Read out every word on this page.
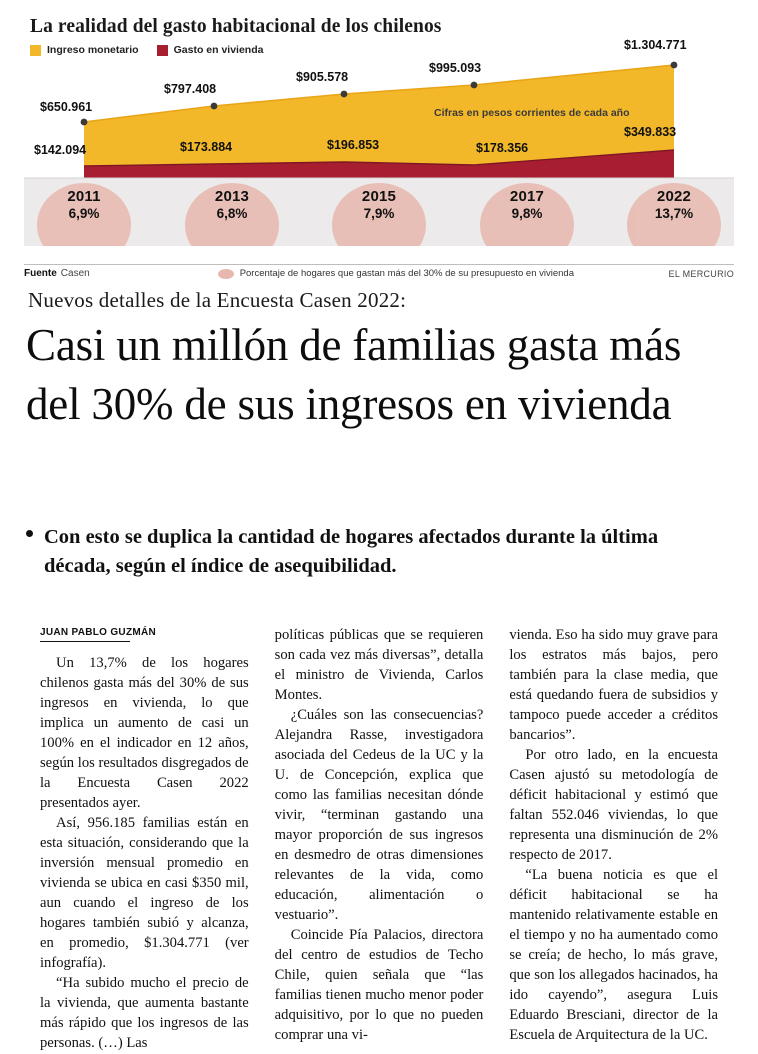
La realidad del gasto habitacional de los chilenos
Ingreso monetario	Gasto en vivienda
$650.961
$797.408
$905.578
$995.093
$1.304.771
$142.094	$173.884	$196.853	$178.356
$349.833
Cifras en pesos corrientes de cada año
2011
6,9%
2013
6,8%
2015
7,9%
2017
9,8%
2022
13,7%
Fuente Casen	Porcentaje de hogares que gastan más del 30% de su presupuesto en vivienda	EL MERCURIO
Nuevos detalles de la Encuesta Casen 2022:
Casi un millón de familias gasta más del 30% de sus ingresos en vivienda
Con esto se duplica la cantidad de hogares afectados durante la última década, según el índice de asequibilidad.
JUAN PABLO GUZMÁN

Un 13,7% de los hogares chilenos gasta más del 30% de sus ingresos en vivienda, lo que implica un aumento de casi un 100% en el indicador en 12 años, según los resultados disgregados de la Encuesta Casen 2022 presentados ayer.

Así, 956.185 familias están en esta situación, considerando que la inversión mensual promedio en vivienda se ubica en casi $350 mil, aun cuando el ingreso de los hogares también subió y alcanza, en promedio, $1.304.771 (ver infografía).

“Ha subido mucho el precio de la vivienda, que aumenta bastante más rápido que los ingresos de las personas. (…) Las

políticas públicas que se requieren son cada vez más diversas”, detalla el ministro de Vivienda, Carlos Montes.

¿Cuáles son las consecuencias? Alejandra Rasse, investigadora asociada del Cedeus de la UC y la U. de Concepción, explica que como las familias necesitan dónde vivir, “terminan gastando una mayor proporción de sus ingresos en desmedro de otras dimensiones relevantes de la vida, como educación, alimentación o vestuario”.

Coincide Pía Palacios, directora del centro de estudios de Techo Chile, quien señala que “las familias tienen mucho menor poder adquisitivo, por lo que no pueden comprar una vi-

vienda. Eso ha sido muy grave para los estratos más bajos, pero también para la clase media, que está quedando fuera de subsidios y tampoco puede acceder a créditos bancarios”.

Por otro lado, en la encuesta Casen ajustó su metodología de déficit habitacional y estimó que faltan 552.046 viviendas, lo que representa una disminución de 2% respecto de 2017.

“La buena noticia es que el déficit habitacional se ha mantenido relativamente estable en el tiempo y no ha aumentado como se creía; de hecho, lo más grave, que son los allegados hacinados, ha ido cayendo”, asegura Luis Eduardo Bresciani, director de la Escuela de Arquitectura de la UC.
